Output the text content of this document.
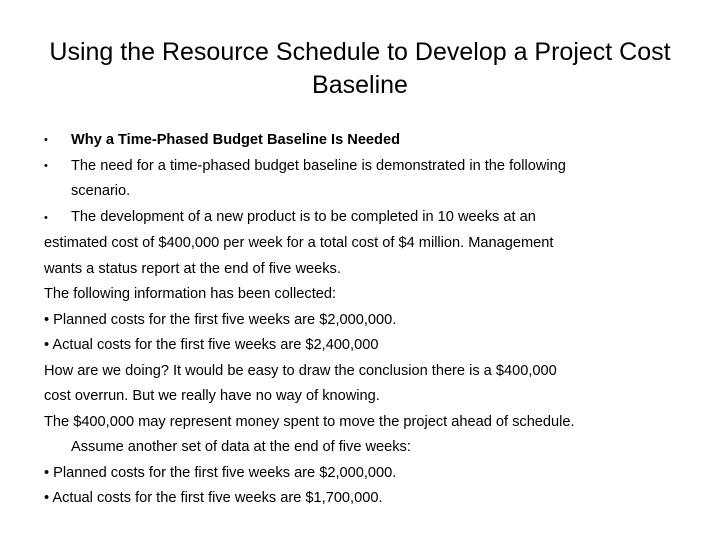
Using the Resource Schedule to Develop a Project Cost
Baseline
• Why a Time-Phased Budget Baseline Is Needed
• The need for a time-phased budget baseline is demonstrated in the following
scenario.
• The development of a new product is to be completed in 10 weeks at an
estimated cost of $400,000 per week for a total cost of $4 million. Management
wants a status report at the end of five weeks.
The following information has been collected:
• Planned costs for the first five weeks are $2,000,000.
• Actual costs for the first five weeks are $2,400,000
How are we doing? It would be easy to draw the conclusion there is a $400,000
cost overrun. But we really have no way of knowing.
The $400,000 may represent money spent to move the project ahead of schedule.
Assume another set of data at the end of five weeks:
• Planned costs for the first five weeks are $2,000,000.
• Actual costs for the first five weeks are $1,700,000.
